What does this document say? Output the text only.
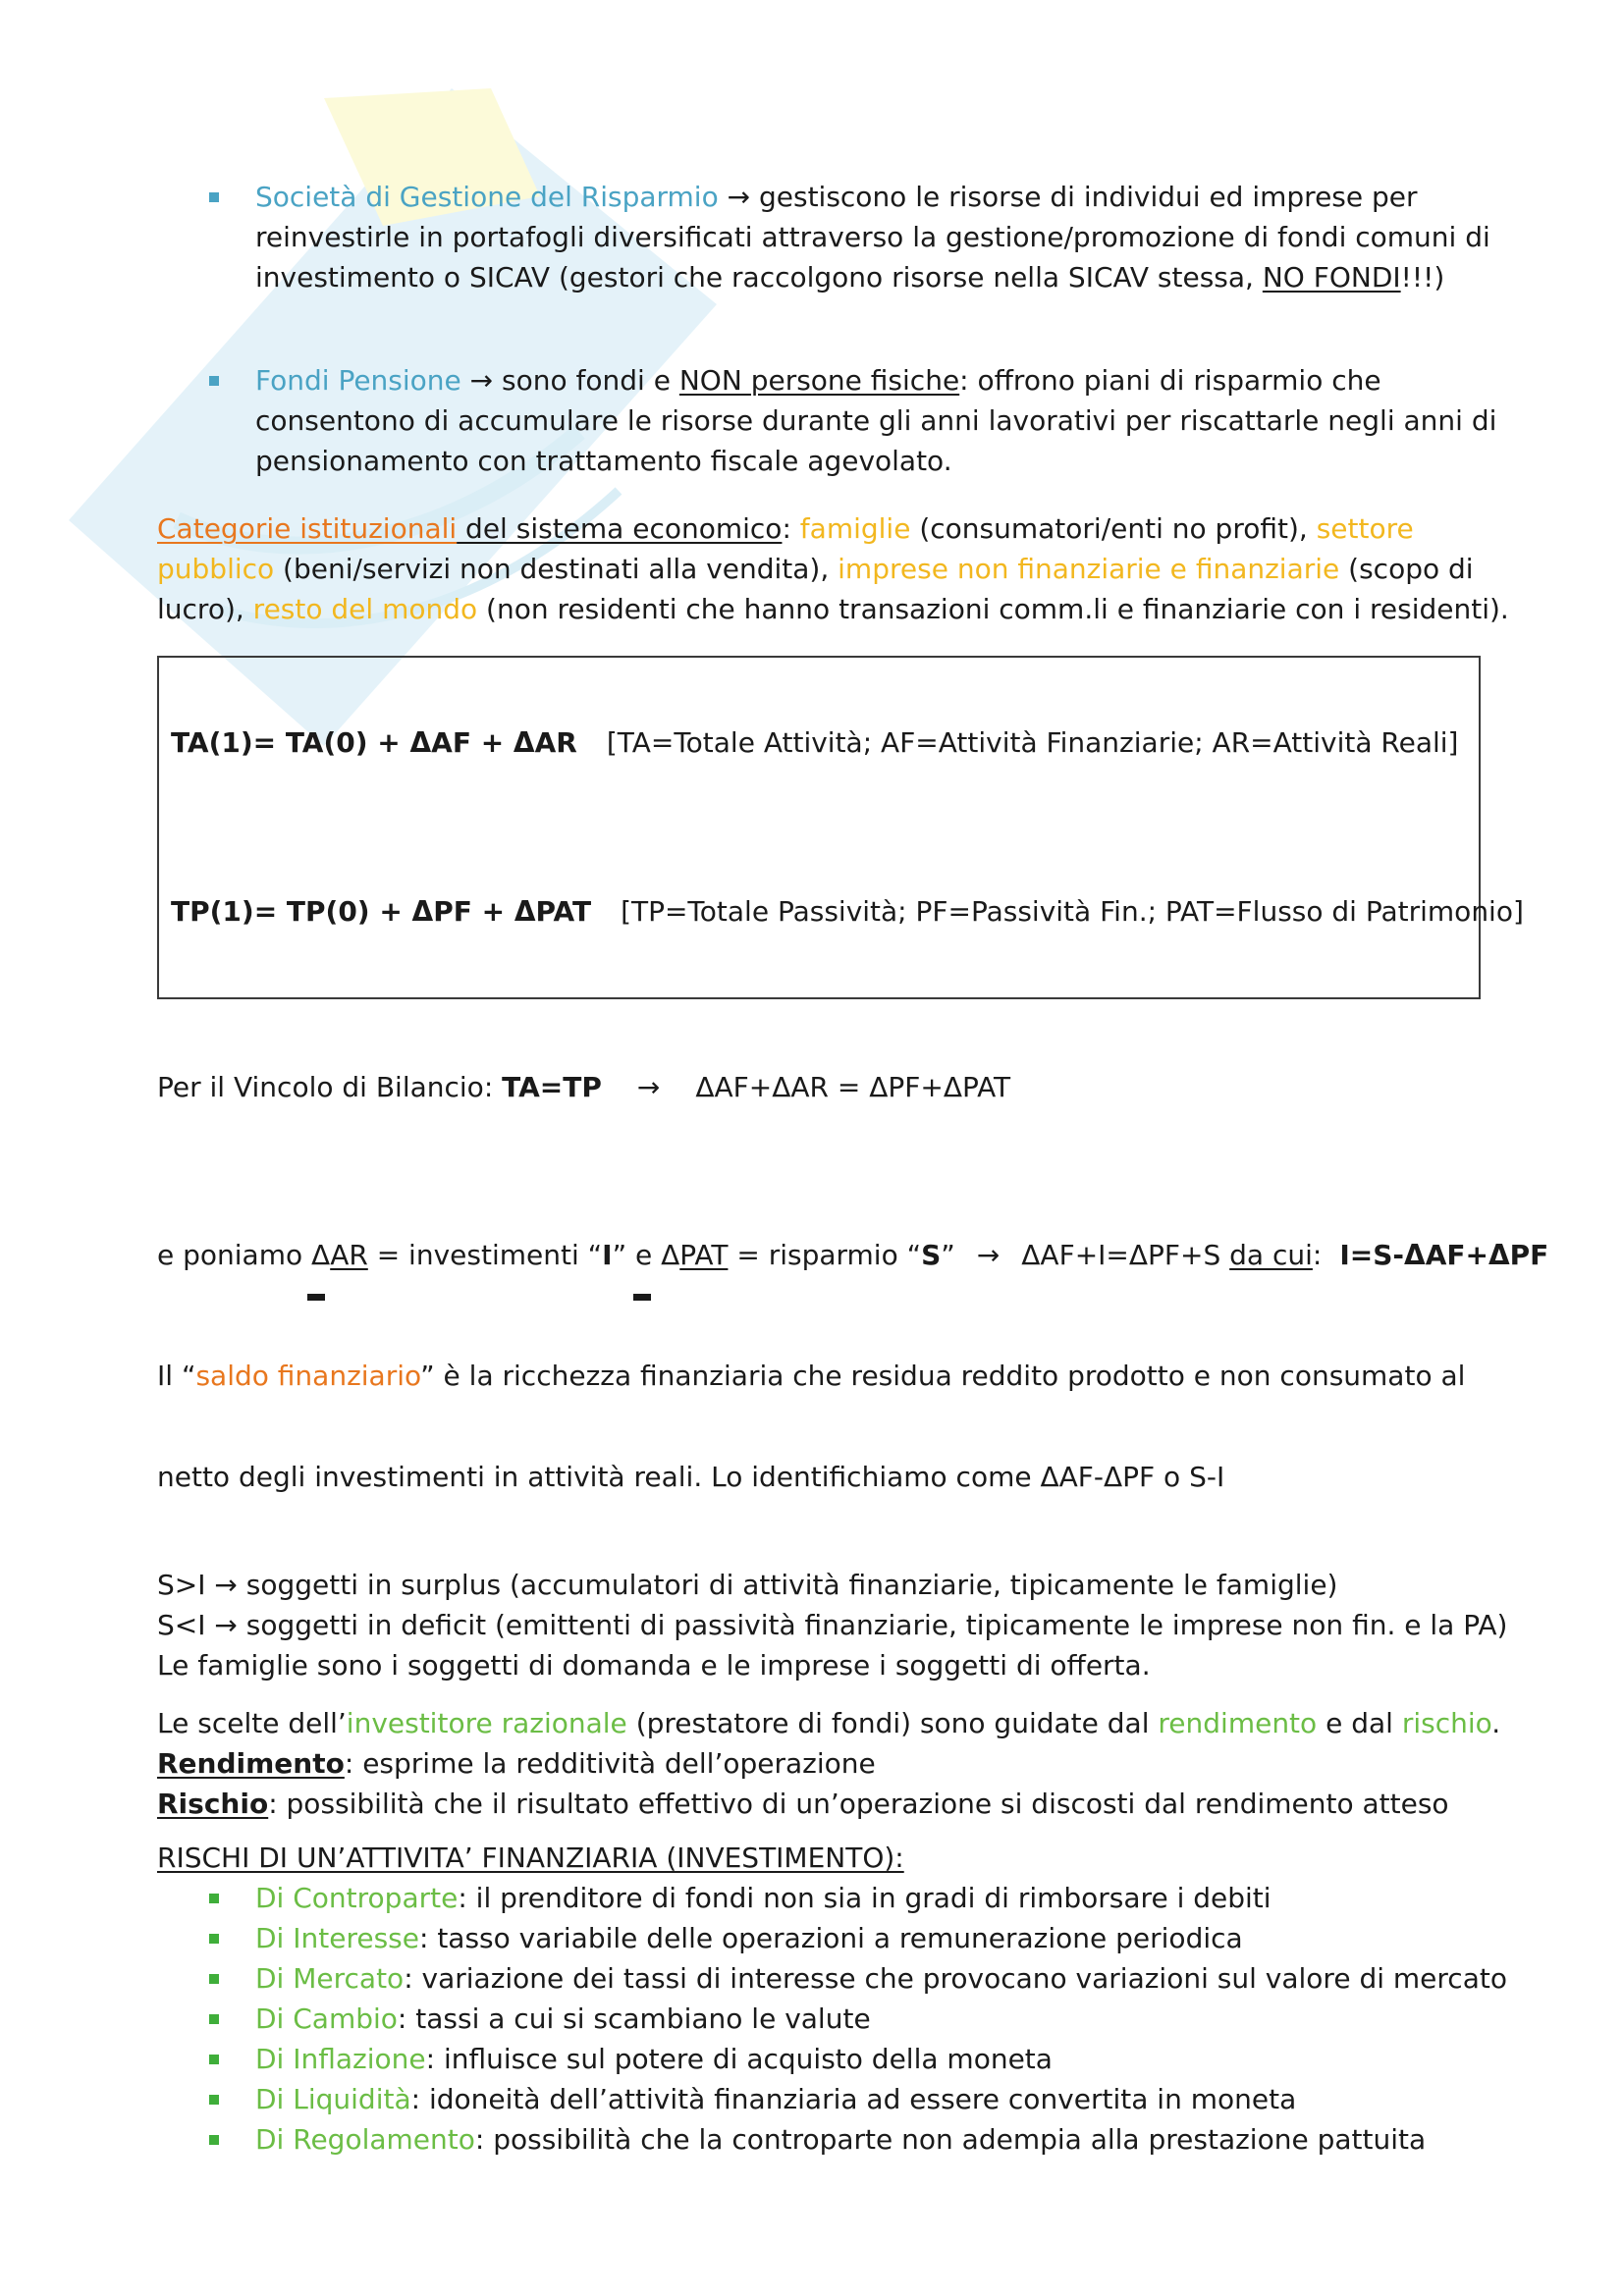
Società di Gestione del Risparmio → gestiscono le risorse di individui ed imprese per
reinvestirle in portafogli diversificati attraverso la gestione/promozione di fondi comuni di
investimento o SICAV (gestori che raccolgono risorse nella SICAV stessa, NO FONDI!!!)
Fondi Pensione → sono fondi e NON persone fisiche: offrono piani di risparmio che
consentono di accumulare le risorse durante gli anni lavorativi per riscattarle negli anni di
pensionamento con trattamento fiscale agevolato.
Categorie istituzionali del sistema economico: famiglie (consumatori/enti no profit), settore
pubblico (beni/servizi non destinati alla vendita), imprese non finanziarie e finanziarie (scopo di
lucro), resto del mondo (non residenti che hanno transazioni comm.li e finanziarie con i residenti).
TA(1)= TA(0) + ΔAF + ΔAR [TA=Totale Attività; AF=Attività Finanziarie; AR=Attività Reali]
TP(1)= TP(0) + ΔPF + ΔPAT [TP=Totale Passività; PF=Passività Fin.; PAT=Flusso di Patrimonio]
Per il Vincolo di Bilancio: TA=TP → ΔAF+ΔAR = ΔPF+ΔPAT
e poniamo ΔAR = investimenti “I” e ΔPAT = risparmio “S” → ΔAF+I=ΔPF+S da cui: I=S-ΔAF+ΔPF
Il “saldo finanziario” è la ricchezza finanziaria che residua reddito prodotto e non consumato al
netto degli investimenti in attività reali. Lo identifichiamo come ΔAF-ΔPF o S-I
S>I → soggetti in surplus (accumulatori di attività finanziarie, tipicamente le famiglie)
S<I → soggetti in deficit (emittenti di passività finanziarie, tipicamente le imprese non fin. e la PA)
Le famiglie sono i soggetti di domanda e le imprese i soggetti di offerta.
Le scelte dell’investitore razionale (prestatore di fondi) sono guidate dal rendimento e dal rischio.
Rendimento: esprime la redditività dell’operazione
Rischio: possibilità che il risultato effettivo di un’operazione si discosti dal rendimento atteso
RISCHI DI UN’ATTIVITA’ FINANZIARIA (INVESTIMENTO):
Di Controparte: il prenditore di fondi non sia in gradi di rimborsare i debiti
Di Interesse: tasso variabile delle operazioni a remunerazione periodica
Di Mercato: variazione dei tassi di interesse che provocano variazioni sul valore di mercato
Di Cambio: tassi a cui si scambiano le valute
Di Inflazione: influisce sul potere di acquisto della moneta
Di Liquidità: idoneità dell’attività finanziaria ad essere convertita in moneta
Di Regolamento: possibilità che la controparte non adempia alla prestazione pattuita
